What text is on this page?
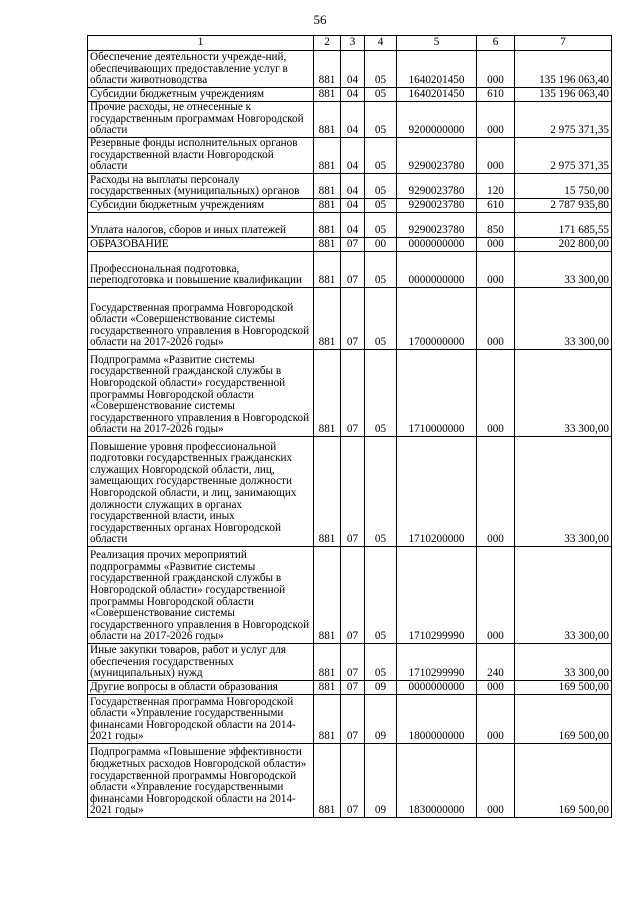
56
1	2	3	4	5	6	7
Обеспечение деятельности учрежде-ний, обеспечивающих предоставление услуг в области животноводства	881	04	05	1640201450	000	135 196 063,40
Субсидии бюджетным учреждениям	881	04	05	1640201450	610	135 196 063,40
Прочие расходы, не отнесенные к государственным программам Новгородской области	881	04	05	9200000000	000	2 975 371,35
Резервные фонды исполнительных органов государственной власти Новгородской области	881	04	05	9290023780	000	2 975 371,35
Расходы на выплаты персоналу государственных (муниципальных) органов	881	04	05	9290023780	120	15 750,00
Субсидии бюджетным учреждениям	881	04	05	9290023780	610	2 787 935,80
Уплата налогов, сборов и иных платежей	881	04	05	9290023780	850	171 685,55
ОБРАЗОВАНИЕ	881	07	00	0000000000	000	202 800,00
Профессиональная подготовка, переподготовка и повышение квалификации	881	07	05	0000000000	000	33 300,00
Государственная программа Новгородской области «Совершенствование системы государственного управления в Новгородской области на 2017-2026 годы»	881	07	05	1700000000	000	33 300,00
Подпрограмма «Развитие системы государственной гражданской службы в Новгородской области» государственной программы Новгородской области «Совершенствование системы государственного управления в Новгородской области на 2017-2026 годы»	881	07	05	1710000000	000	33 300,00
Повышение уровня профессиональной подготовки государственных гражданских служащих Новгородской области, лиц, замещающих государственные должности Новгородской области, и лиц, занимающих должности служащих в органах государственной власти, иных государственных органах Новгородской области	881	07	05	1710200000	000	33 300,00
Реализация прочих мероприятий подпрограммы «Развитие системы государственной гражданской службы в Новгородской области» государственной программы Новгородской области «Совершенствование системы государственного управления в Новгородской области на 2017-2026 годы»	881	07	05	1710299990	000	33 300,00
Иные закупки товаров, работ и услуг для обеспечения государственных (муниципальных) нужд	881	07	05	1710299990	240	33 300,00
Другие вопросы в области образования	881	07	09	0000000000	000	169 500,00
Государственная программа Новгородской области «Управление государственными финансами Новгородской области на 2014-2021 годы»	881	07	09	1800000000	000	169 500,00
Подпрограмма «Повышение эффективности бюджетных расходов Новгородской области» государственной программы Новгородской области «Управление государственными финансами Новгородской области на 2014-2021 годы»	881	07	09	1830000000	000	169 500,00
